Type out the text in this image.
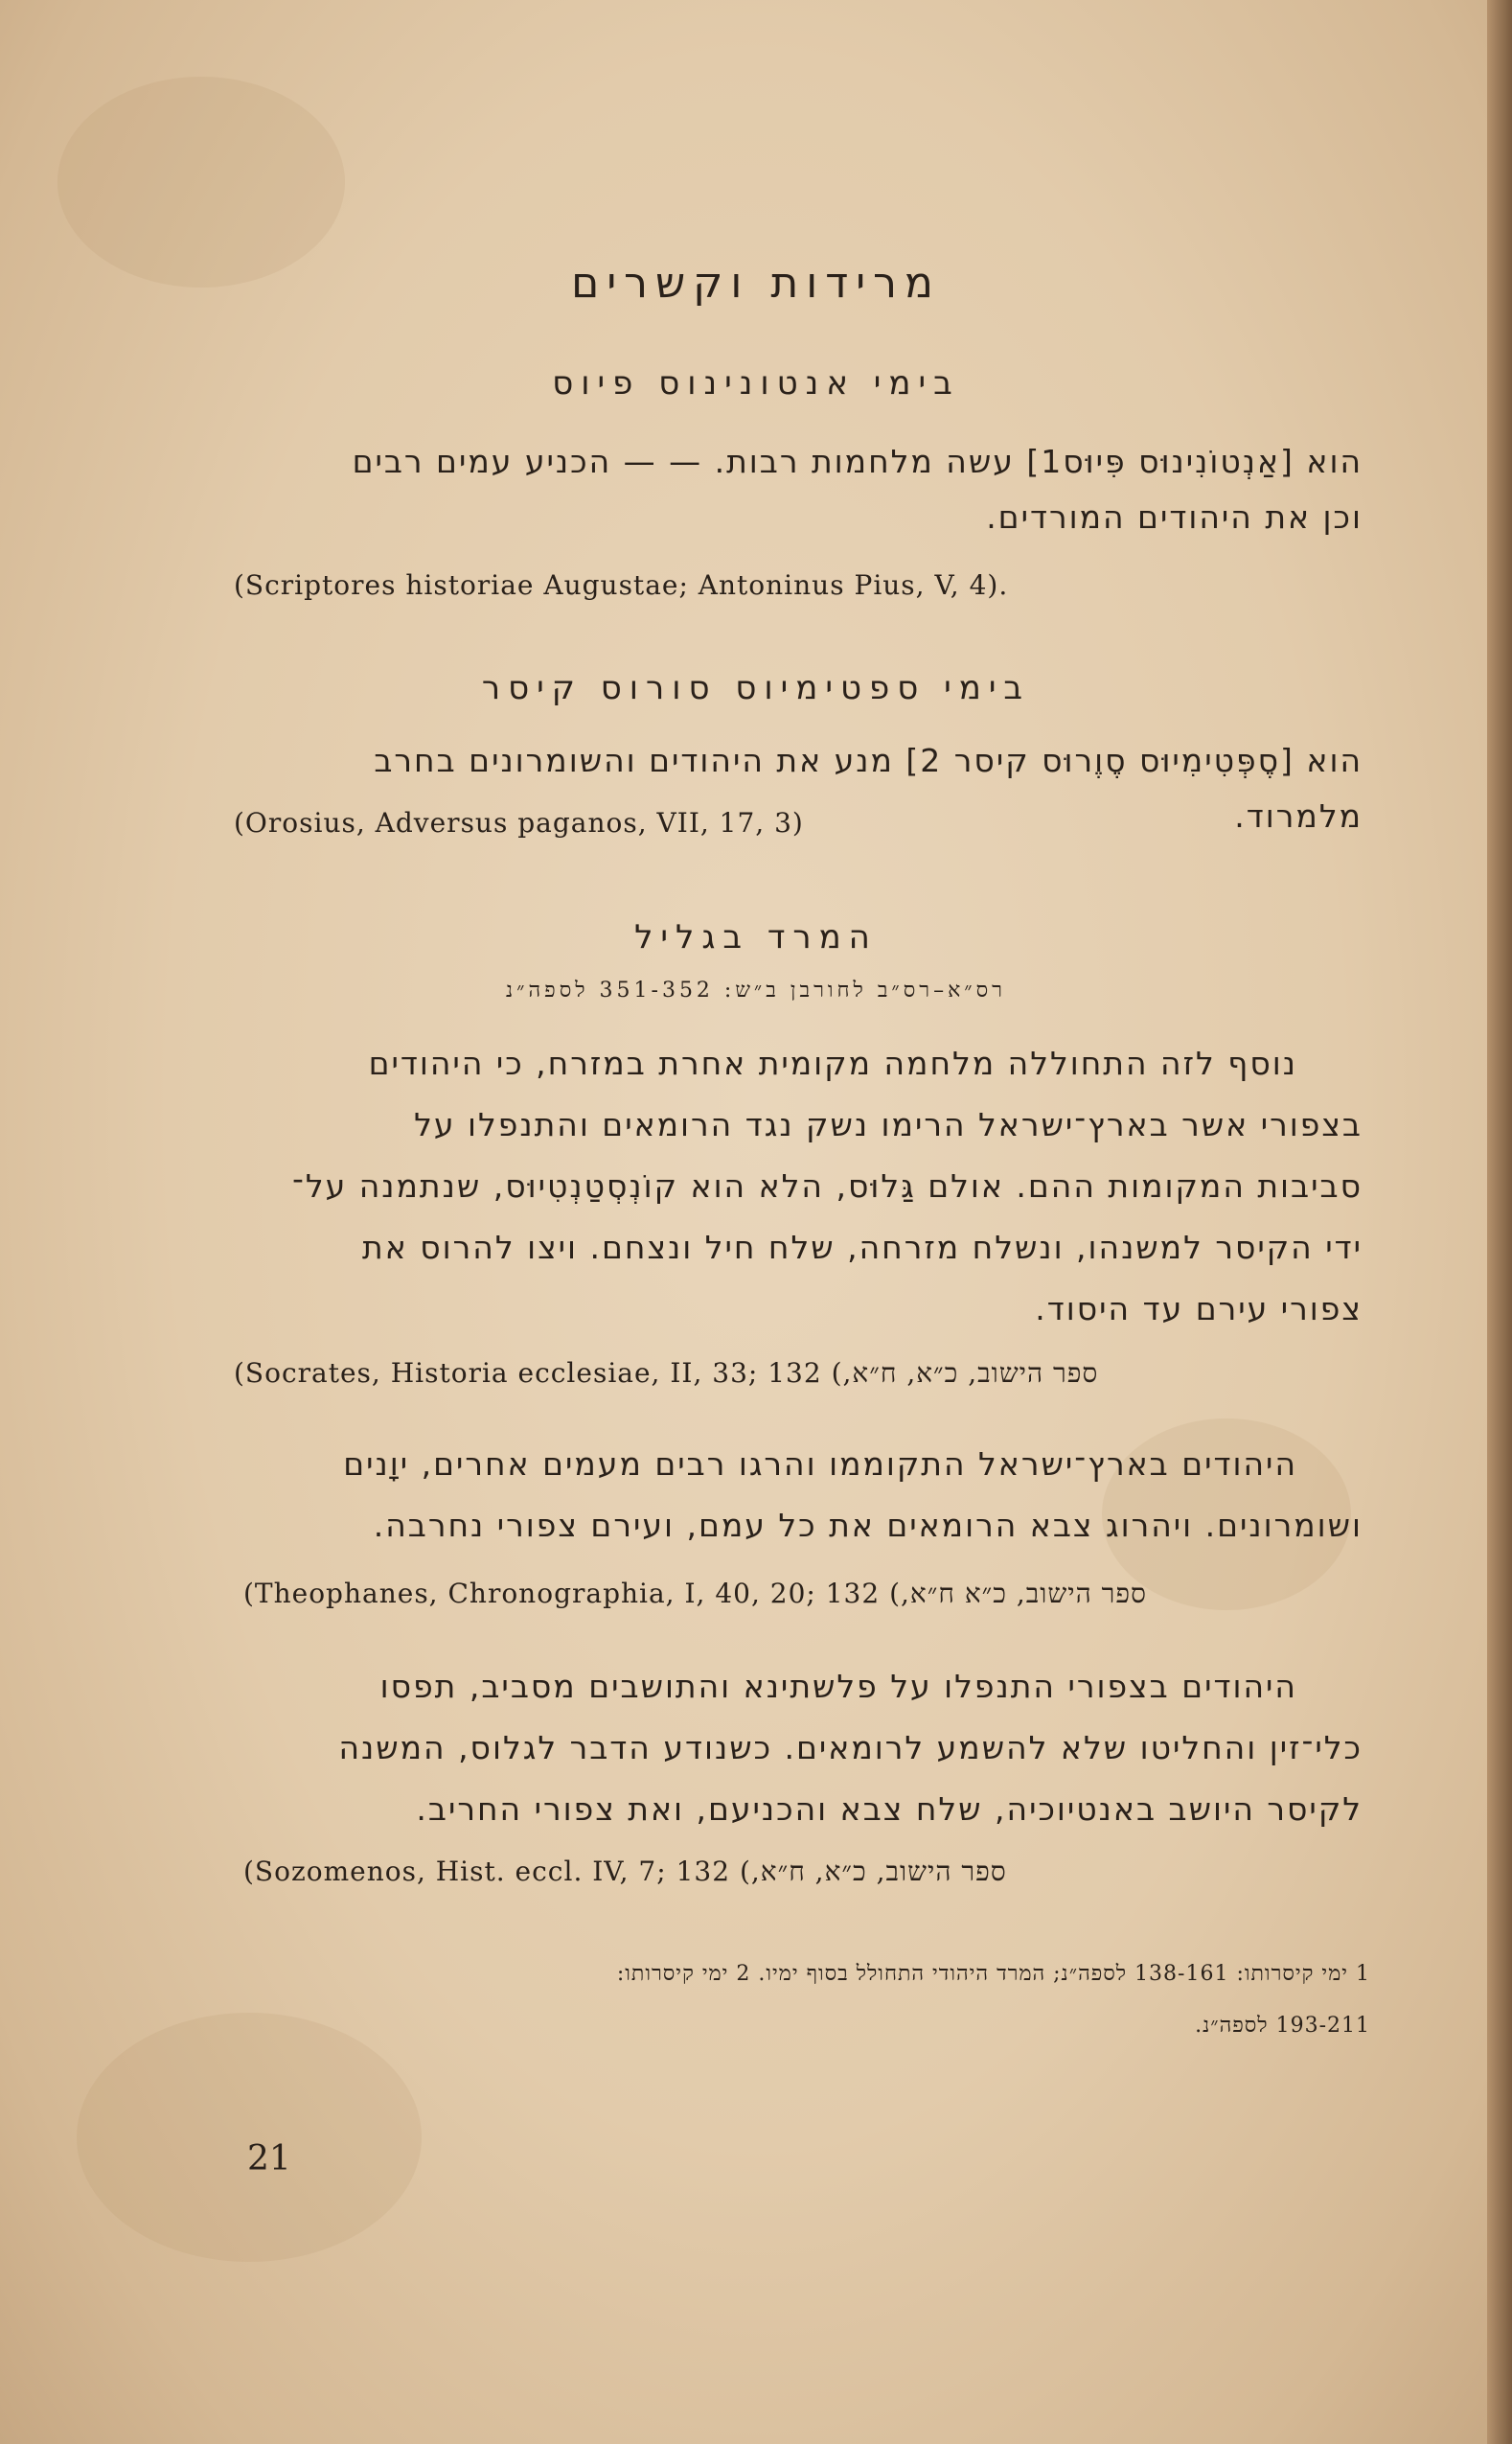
מרידות וקשרים
בימי אנטונינוס פיוס
הוא [אַנְטוֹנִינוּס פִּיוּס1] עשה מלחמות רבות. — — הכניע עמים רבים
וכן את היהודים המורדים.
(Scriptores historiae Augustae; Antoninus Pius, V, 4).
בימי ספטימיוס סורוס קיסר
הוא [סֶפְּטִימִיוּס סֶוֶרוּס קיסר 2] מנע את היהודים והשומרונים בחרב
מלמרוד.
(Orosius, Adversus paganos, VII, 17, 3)
המרד בגליל
רס״א–רס״ב לחורבן ב״ש: 351-352 לספה״נ
נוסף לזה התחוללה מלחמה מקומית אחרת במזרח, כי היהודים
בצפורי אשר בארץ־ישראל הרימו נשק נגד הרומאים והתנפלו על
סביבות המקומות ההם. אולם גַּלוּס, הלא הוא קוֹנְסְטַנְטִיוּס, שנתמנה על־
ידי הקיסר למשנהו, ונשלח מזרחה, שלח חיל ונצחם. ויצו להרוס את
צפורי עירם עד היסוד.
(Socrates, Historia ecclesiae, II, 33; 132 ספר הישוב, כ״א, ח״א,)
היהודים בארץ־ישראל התקוממו והרגו רבים מעמים אחרים, יוָנים
ושומרונים. ויהרוג צבא הרומאים את כל עמם, ועירם צפורי נחרבה.
(Theophanes, Chronographia, I, 40, 20; 132 ספר הישוב, כ״א ח״א,)
היהודים בצפורי התנפלו על פלשתינא והתושבים מסביב, תפסו
כלי־זין והחליטו שלא להשמע לרומאים. כשנודע הדבר לגלוס, המשנה
לקיסר היושב באנטיוכיה, שלח צבא והכניעם, ואת צפורי החריב.
(Sozomenos, Hist. eccl. IV, 7; 132 ספר הישוב, כ״א, ח״א,)
1 ימי קיסרותו: 138-161 לספה״נ; המרד היהודי התחולל בסוף ימיו. 2 ימי קיסרותו:
193-211 לספה״נ.
21
